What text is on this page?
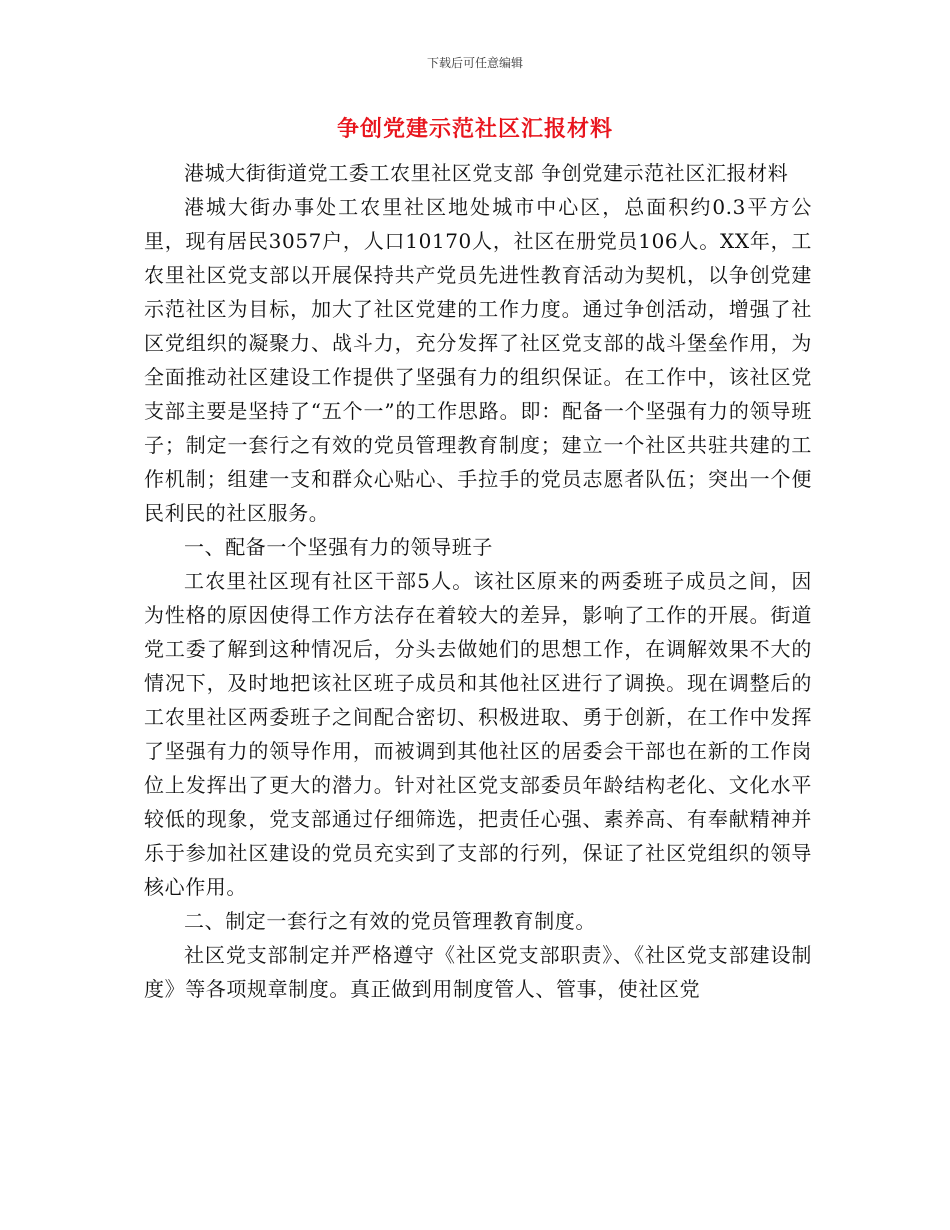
下载后可任意编辑
争创党建示范社区汇报材料

港城大街街道党工委工农里社区党支部 争创党建示范社区汇报材料

港城大街办事处工农里社区地处城市中心区，总面积约0.3平方公里，现有居民3057户，人口10170人，社区在册党员106人。XX年，工农里社区党支部以开展保持共产党员先进性教育活动为契机，以争创党建示范社区为目标，加大了社区党建的工作力度。通过争创活动，增强了社区党组织的凝聚力、战斗力，充分发挥了社区党支部的战斗堡垒作用，为全面推动社区建设工作提供了坚强有力的组织保证。在工作中，该社区党支部主要是坚持了“五个一”的工作思路。即：配备一个坚强有力的领导班子；制定一套行之有效的党员管理教育制度；建立一个社区共驻共建的工作机制；组建一支和群众心贴心、手拉手的党员志愿者队伍；突出一个便民利民的社区服务。

一、配备一个坚强有力的领导班子

工农里社区现有社区干部5人。该社区原来的两委班子成员之间，因为性格的原因使得工作方法存在着较大的差异，影响了工作的开展。街道党工委了解到这种情况后，分头去做她们的思想工作，在调解效果不大的情况下，及时地把该社区班子成员和其他社区进行了调换。现在调整后的工农里社区两委班子之间配合密切、积极进取、勇于创新，在工作中发挥了坚强有力的领导作用，而被调到其他社区的居委会干部也在新的工作岗位上发挥出了更大的潜力。针对社区党支部委员年龄结构老化、文化水平较低的现象，党支部通过仔细筛选，把责任心强、素养高、有奉献精神并乐于参加社区建设的党员充实到了支部的行列，保证了社区党组织的领导核心作用。

二、制定一套行之有效的党员管理教育制度。

社区党支部制定并严格遵守《社区党支部职责》、《社区党支部建设制度》等各项规章制度。真正做到用制度管人、管事，使社区党
